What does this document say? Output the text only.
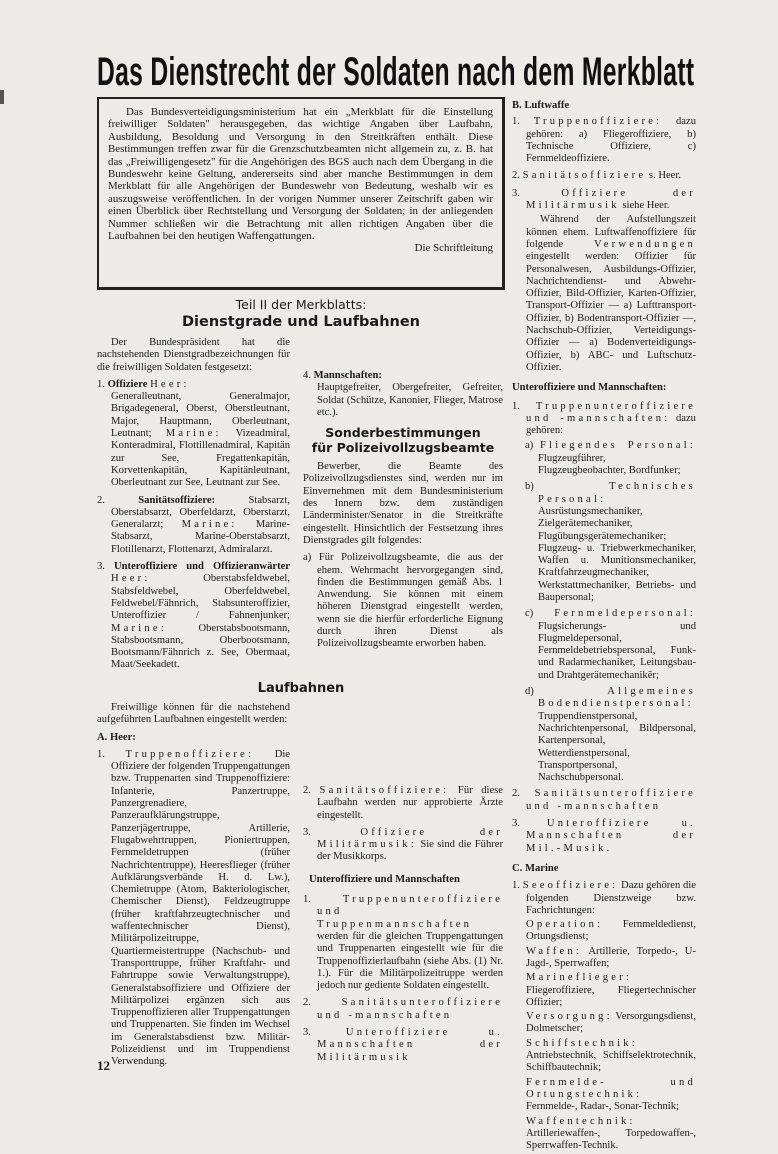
Das Dienstrecht der Soldaten nach dem Merkblatt

Das Bundesverteidigungsministerium hat ein „Merkblatt für die Einstellung freiwilliger Soldaten" herausgegeben, das wichtige Angaben über Laufbahn, Ausbildung, Besoldung und Versorgung in den Streitkräften enthält. Diese Bestimmungen treffen zwar für die Grenzschutzbeamten nicht allgemein zu, z. B. hat das „Freiwilligengesetz" für die Angehörigen des BGS auch nach dem Übergang in die Bundeswehr keine Geltung, andererseits sind aber manche Bestimmungen in dem Merkblatt für alle Angehörigen der Bundeswehr von Bedeutung, weshalb wir es auszugsweise veröffentlichen. In der vorigen Nummer unserer Zeitschrift gaben wir einen Überblick über Rechtstellung und Versorgung der Soldaten; in der anliegenden Nummer schließen wir die Betrachtung mit allen richtigen Angaben über die Laufbahnen bei den heutigen Waffengattungen.

Die Schriftleitung
Teil II der Merkblatts:
Dienstgrade und Laufbahnen

Der Bundespräsident hat die nachstehenden Dienstgradbezeichnungen für die freiwilligen Soldaten festgesetzt:

1. Offiziere Heer:
Generalleutnant, Generalmajor, Brigadegeneral, Oberst, Oberstleutnant, Major, Hauptmann, Oberleutnant, Leutnant; Marine: Vizeadmiral, Konteradmiral, Flottillenadmiral, Kapitän zur See, Fregattenkapitän, Korvettenkapitän, Kapitänleutnant, Oberleutnant zur See, Leutnant zur See.
2.	Sanitätsoffiziere:	Stabsarzt, Oberstabsarzt, Oberfeldarzt, Oberstarzt, Generalarzt; Marine: Marine-Stabsarzt, Marine-Oberstabsarzt, Flotillenarzt, Flottenarzt, Admiralarzt.
3. Unteroffiziere und Offizieranwärter Heer:	Oberstabsfeldwebel, Stabsfeldwebel, Oberfeldwebel, Feldwebel/Fähnrich, Stabsunteroffizier, Unteroffizier / Fahnenjunker; Marine:	Oberstabsbootsmann, Stabsbootsmann, Oberbootsmann, Bootsmann/Fähnrich z. See, Obermaat, Maat/Seekadett.
4. Mannschaften:
Hauptgefreiter, Obergefreiter, Gefreiter, Soldat (Schütze, Kanonier, Flieger, Matrose etc.).
Sonderbestimmungen
für Polizeivollzugsbeamte

Bewerber, die Beamte des Polizeivollzugsdienstes sind, werden nur im Einvernehmen mit dem Bundesministerium des Innern bzw. dem zuständigen Länderminister/Senator in die Streitkräfte eingestellt. Hinsichtlich der Festsetzung ihres Dienstgrades gilt folgendes:

a) Für Polizeivollzugsbeamte, die aus der ehem. Wehrmacht hervorgegangen sind, finden die Bestimmungen gemäß Abs. 1 Anwendung. Sie können mit einem höheren Dienstgrad eingestellt werden, wenn sie die hierfür erforderliche Eignung durch ihren Dienst als Polizeivollzugsbeamte erworben haben.
Laufbahnen

Freiwillige können für die nachstehend aufgeführten Laufbahnen eingestellt werden:

A. Heer:

1. Truppenoffiziere: Die Offiziere der folgenden Truppengattungen bzw. Truppenarten sind Truppenoffiziere: Infanterie, Panzertruppe, Panzergrenadiere, Panzeraufklärungstruppe, Panzerjägertruppe, Artillerie, Flugabwehrtruppen, Pioniertruppen, Fernmeldetruppen (früher Nachrichtentruppe), Heeresflieger (früher Aufklärungsverbände H. d. Lw.), Chemietruppe (Atom, Bakteriologischer, Chemischer Dienst), Feldzeugtruppe (früher kraftfahrzeugtechnischer und waffentechnischer Dienst), Militärpolizeitruppe, Quartiermeistertruppe (Nachschub- und Transporttruppe, früher Kraftfahr- und Fahrtruppe sowie Verwaltungstruppe), Generalstabsoffiziere und Offiziere der Militärpolizei ergänzen sich aus Truppenoffizieren aller Truppengattungen und Truppenarten. Sie finden im Wechsel im Generalstabsdienst bzw. Militär-Polizeidienst und im Truppendienst Verwendung.
2. Sanitätsoffiziere: Für diese Laufbahn werden nur approbierte Ärzte eingestellt.
3.	Offiziere der Militärmusik: Sie sind die Führer der Musikkorps.

Unteroffiziere und Mannschaften

1.	Truppenunteroffiziere und Truppenmannschaften werden für die gleichen Truppengattungen und Truppenarten eingestellt wie für die Truppenoffizierlaufbahn (siehe Abs. (1) Nr. 1.). Für die Militärpolizeitruppe werden jedoch nur gediente Soldaten eingestellt.
2.	Sanitätsunteroffiziere und -mannschaften
3.	Unteroffiziere u. Mannschaften der Militärmusik

B. Luftwaffe

1. Truppenoffiziere: dazu gehören: a) Fliegeroffiziere, b) Technische Offiziere, c) Fernmeldeoffiziere.
2. Sanitätsoffiziere s. Heer.
3.	Offiziere der Militärmusik siehe Heer.

Während der Aufstellungszeit können ehem. Luftwaffenoffiziere für folgende	Verwendungen eingestellt werden: Offizier für Personalwesen, Ausbildungs-Offizier, Nachrichtendienst- und Abwehr-Offizier, Bild-Offizier, Karten-Offizier, Transport-Offizier — a) Lufttransport-Offizier, b) Bodentransport-Offizier —, Nachschub-Offizier, Verteidigungs-Offizier — a) Bodenverteidigungs-Offizier, b) ABC- und Luftschutz-Offizier.

Unteroffiziere und Mannschaften:

1. Truppenunteroffiziere und -mannschaften: dazu gehören:
a) Fliegendes Personal: Flugzeugführer, Flugzeugbeobachter, Bordfunker;
b)	Technisches Personal: Ausrüstungsmechaniker, Zielgerätemechaniker, Flugübungsgerätemechaniker; Flugzeug- u. Triebwerkmechaniker, Waffen u. Munitionsmechaniker, Kraftfahrzeugmechaniker, Werkstattmechaniker, Betriebs- und Baupersonal;
c) Fernmeldepersonal: Flugsicherungs- und Flugmeldepersonal, Fernmeldebetriebspersonal, Funk- und Radarmechaniker, Leitungsbau- und Drahtgerätemechanikĕr;
d)	Allgemeines Bodendienstpersonal: Truppendienstpersonal, Nachrichtenpersonal, Bildpersonal, Kartenpersonal, Wetterdienstpersonal, Transportpersonal, Nachschubpersonal.
2. Sanitätsunteroffiziere und -mannschaften
3.	Unteroffiziere u. Mannschaften der Mil.-Musik.

C. Marine

1. Seeoffiziere: Dazu gehören die folgenden Dienstzweige bzw. Fachrichtungen:

Operation: Fernmeldedienst, Ortungsdienst;

Waffen: Artillerie, Torpedo-, U-Jagd-, Sperrwaffen;

Marineflieger: Fliegeroffiziere, Fliegertechnischer Offizier;

Versorgung: Versorgungsdienst, Dolmetscher;

Schiffstechnik: Antriebstechnik, Schiffselektrotechnik, Schiffbautechnik;

Fernmelde- und Ortungstechnik: Fernmelde-, Radar-, Sonar-Technik;

Waffentechnik: Artilleriewaffen-, Torpedowaffen-, Sperrwaffen-Technik.

12
